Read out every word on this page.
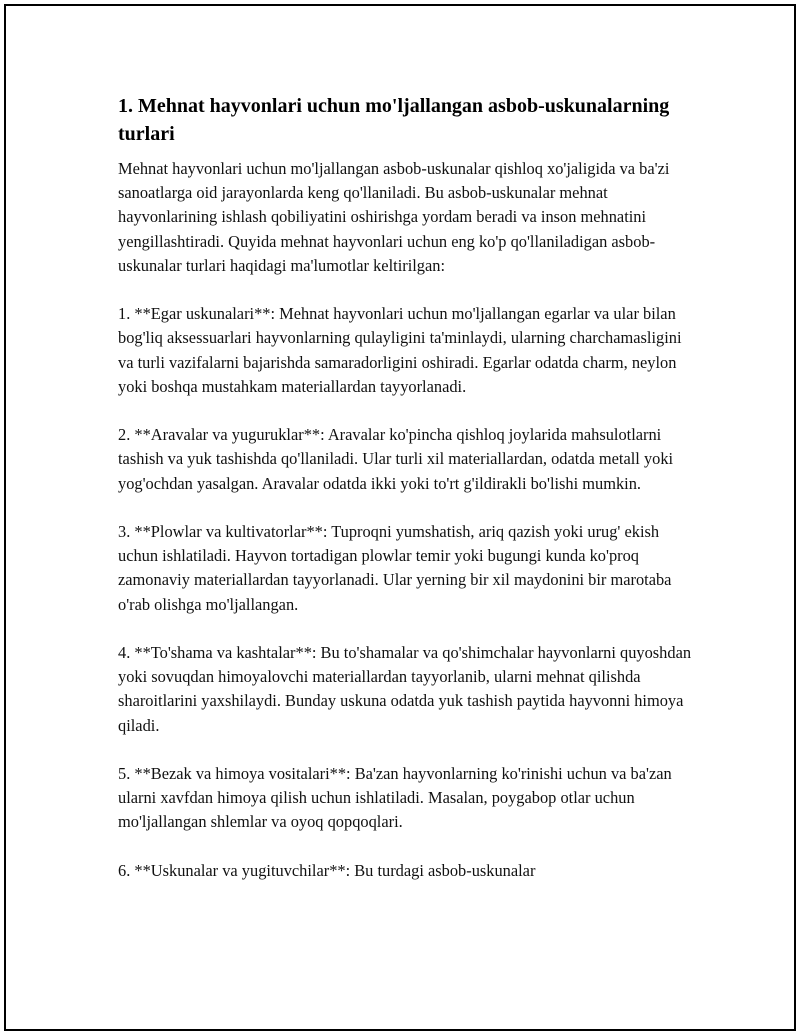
1. Mehnat hayvonlari uchun mo'ljallangan asbob-uskunalarning turlari

Mehnat hayvonlari uchun mo'ljallangan asbob-uskunalar qishloq xo'jaligida va ba'zi sanoatlarga oid jarayonlarda keng qo'llaniladi. Bu asbob-uskunalar mehnat hayvonlarining ishlash qobiliyatini oshirishga yordam beradi va inson mehnatini yengillashtiradi. Quyida mehnat hayvonlari uchun eng ko'p qo'llaniladigan asbob-uskunalar turlari haqidagi ma'lumotlar keltirilgan:

1. **Egar uskunalari**: Mehnat hayvonlari uchun mo'ljallangan egarlar va ular bilan bog'liq aksessuarlari hayvonlarning qulayligini ta'minlaydi, ularning charchamasligini va turli vazifalarni bajarishda samaradorligini oshiradi. Egarlar odatda charm, neylon yoki boshqa mustahkam materiallardan tayyorlanadi.

2. **Aravalar va yuguruklar**: Aravalar ko'pincha qishloq joylarida mahsulotlarni tashish va yuk tashishda qo'llaniladi. Ular turli xil materiallardan, odatda metall yoki yog'ochdan yasalgan. Aravalar odatda ikki yoki to'rt g'ildirakli bo'lishi mumkin.

3. **Plowlar va kultivatorlar**: Tuproqni yumshatish, ariq qazish yoki urug' ekish uchun ishlatiladi. Hayvon tortadigan plowlar temir yoki bugungi kunda ko'proq zamonaviy materiallardan tayyorlanadi. Ular yerning bir xil maydonini bir marotaba o'rab olishga mo'ljallangan.

4. **To'shama va kashtalar**: Bu to'shamalar va qo'shimchalar hayvonlarni quyoshdan yoki sovuqdan himoyalovchi materiallardan tayyorlanib, ularni mehnat qilishda sharoitlarini yaxshilaydi. Bunday uskuna odatda yuk tashish paytida hayvonni himoya qiladi.

5. **Bezak va himoya vositalari**: Ba'zan hayvonlarning ko'rinishi uchun va ba'zan ularni xavfdan himoya qilish uchun ishlatiladi. Masalan, poygabop otlar uchun mo'ljallangan shlemlar va oyoq qopqoqlari.

6. **Uskunalar va yugituvchilar**: Bu turdagi asbob-uskunalar
